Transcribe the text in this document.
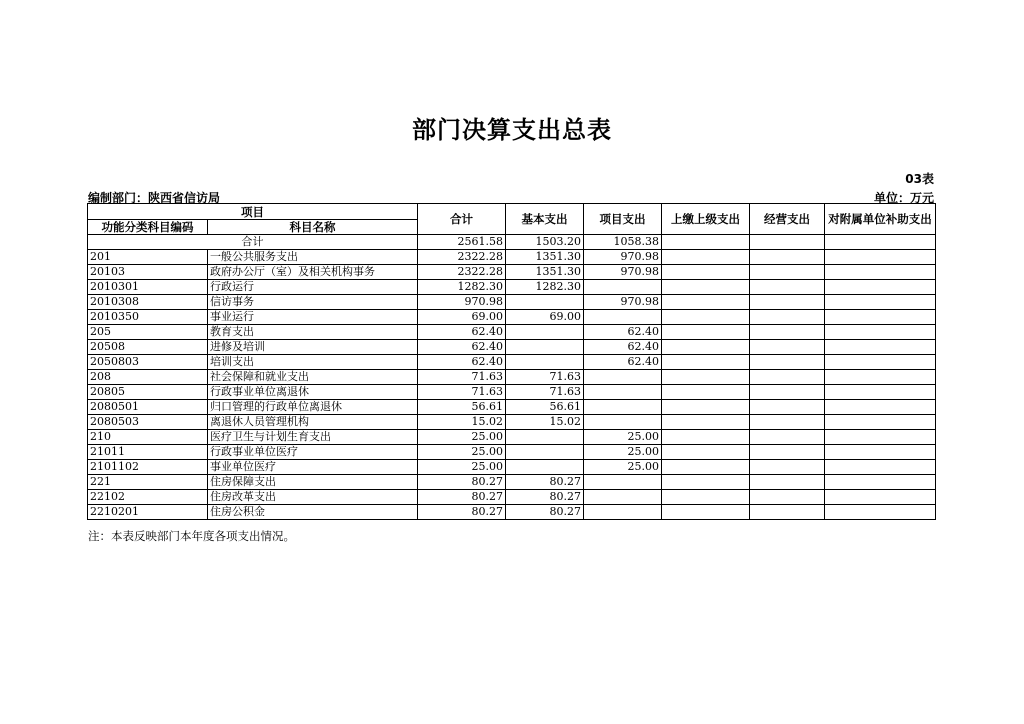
部门决算支出总表
03表
编制部门：陕西省信访局	单位：万元
项目		合计	基本支出	项目支出	上缴上级支出	经营支出	对附属单位补助支出
功能分类科目编码	科目名称						
合计		2561.58	1503.20	1058.38			
201	一般公共服务支出	2322.28	1351.30	970.98			
20103	政府办公厅（室）及相关机构事务	2322.28	1351.30	970.98			
2010301	行政运行	1282.30	1282.30				
2010308	信访事务	970.98		970.98			
2010350	事业运行	69.00	69.00				
205	教育支出	62.40		62.40			
20508	进修及培训	62.40		62.40			
2050803	培训支出	62.40		62.40			
208	社会保障和就业支出	71.63	71.63				
20805	行政事业单位离退休	71.63	71.63				
2080501	归口管理的行政单位离退休	56.61	56.61				
2080503	离退休人员管理机构	15.02	15.02				
210	医疗卫生与计划生育支出	25.00		25.00			
21011	行政事业单位医疗	25.00		25.00			
2101102	事业单位医疗	25.00		25.00			
221	住房保障支出	80.27	80.27				
22102	住房改革支出	80.27	80.27				
2210201	住房公积金	80.27	80.27				
注：本表反映部门本年度各项支出情况。
